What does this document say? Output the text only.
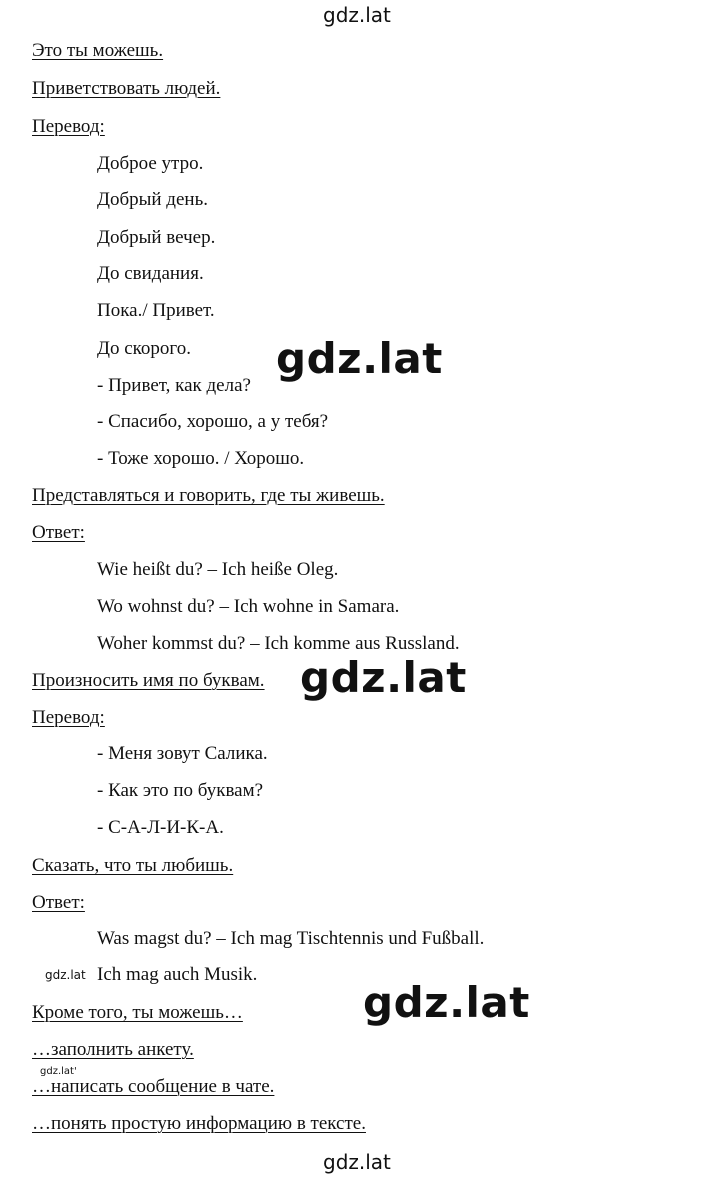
gdz.lat
Это ты можешь.
Приветствовать людей.
Перевод:
Доброе утро.
Добрый день.
Добрый вечер.
До свидания.
Пока./ Привет.
До скорого.
- Привет, как дела?
- Спасибо, хорошо, а у тебя?
- Тоже хорошо. / Хорошо.
gdz.lat
Представляться и говорить, где ты живешь.
Ответ:
Wie heißt du? – Ich heiße Oleg.
Wo wohnst du? – Ich wohne in Samara.
Woher kommst du? – Ich komme aus Russland.
Произносить имя по буквам. gdz.lat
Перевод:
- Меня зовут Салика.
- Как это по буквам?
- С-А-Л-И-К-А.
Сказать, что ты любишь.
Ответ:
Was magst du? – Ich mag Tischtennis und Fußball.
gdz.lat Ich mag auch Musik.
Кроме того, ты можешь…	gdz.lat
…заполнить анкету.
gdz.lat'
…написать сообщение в чате.
…понять простую информацию в тексте.
gdz.lat
